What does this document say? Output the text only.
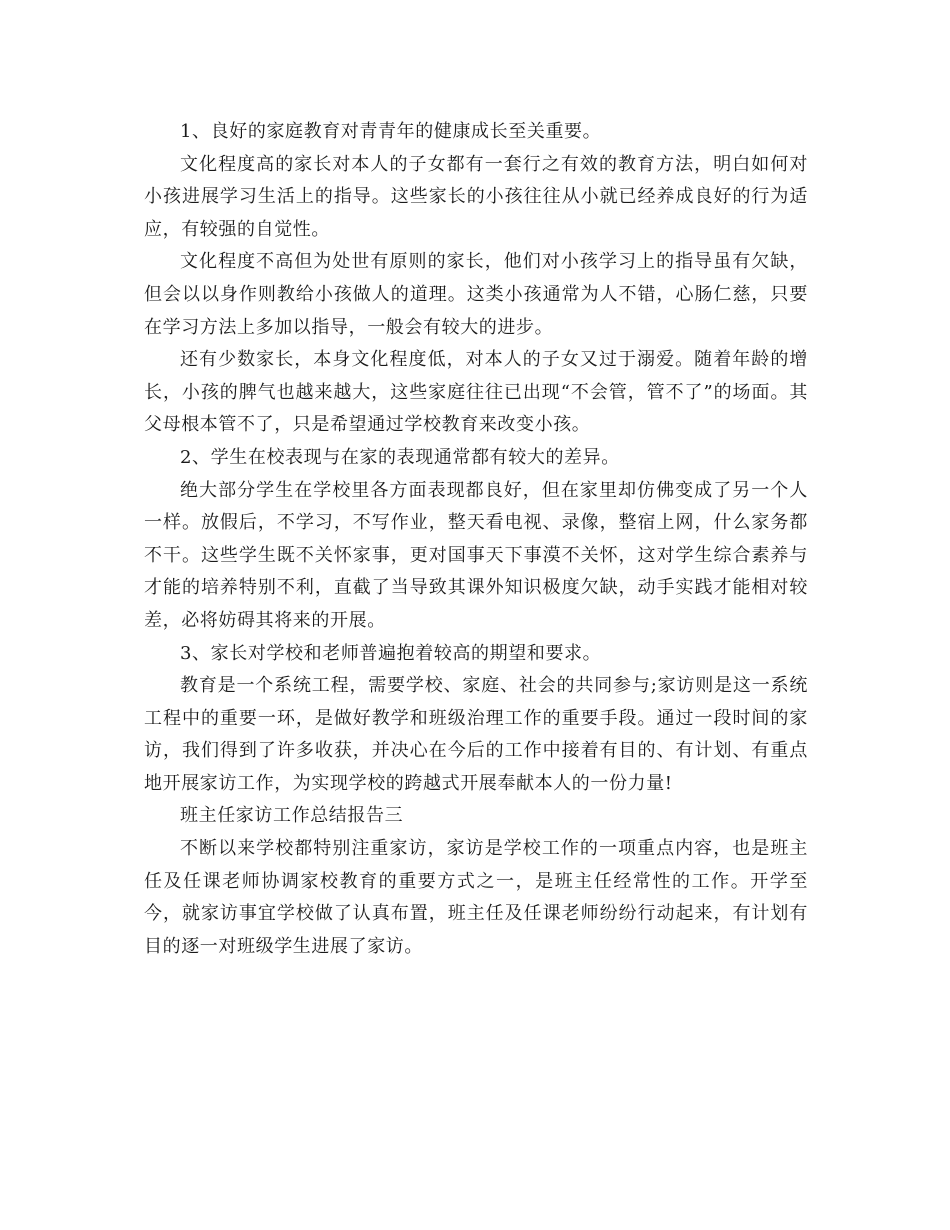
1、良好的家庭教育对青青年的健康成长至关重要。

文化程度高的家长对本人的子女都有一套行之有效的教育方法，明白如何对小孩进展学习生活上的指导。这些家长的小孩往往从小就已经养成良好的行为适应，有较强的自觉性。

文化程度不高但为处世有原则的家长，他们对小孩学习上的指导虽有欠缺，但会以以身作则教给小孩做人的道理。这类小孩通常为人不错，心肠仁慈，只要在学习方法上多加以指导，一般会有较大的进步。

还有少数家长，本身文化程度低，对本人的子女又过于溺爱。随着年龄的增长，小孩的脾气也越来越大，这些家庭往往已出现“不会管，管不了”的场面。其父母根本管不了，只是希望通过学校教育来改变小孩。

2、学生在校表现与在家的表现通常都有较大的差异。

绝大部分学生在学校里各方面表现都良好，但在家里却仿佛变成了另一个人一样。放假后，不学习，不写作业，整天看电视、录像，整宿上网，什么家务都不干。这些学生既不关怀家事，更对国事天下事漠不关怀，这对学生综合素养与才能的培养特别不利，直截了当导致其课外知识极度欠缺，动手实践才能相对较差，必将妨碍其将来的开展。

3、家长对学校和老师普遍抱着较高的期望和要求。

教育是一个系统工程，需要学校、家庭、社会的共同参与;家访则是这一系统工程中的重要一环，是做好教学和班级治理工作的重要手段。通过一段时间的家访，我们得到了许多收获，并决心在今后的工作中接着有目的、有计划、有重点地开展家访工作，为实现学校的跨越式开展奉献本人的一份力量!

班主任家访工作总结报告三

不断以来学校都特别注重家访，家访是学校工作的一项重点内容，也是班主任及任课老师协调家校教育的重要方式之一，是班主任经常性的工作。开学至今，就家访事宜学校做了认真布置，班主任及任课老师纷纷行动起来，有计划有目的逐一对班级学生进展了家访。
